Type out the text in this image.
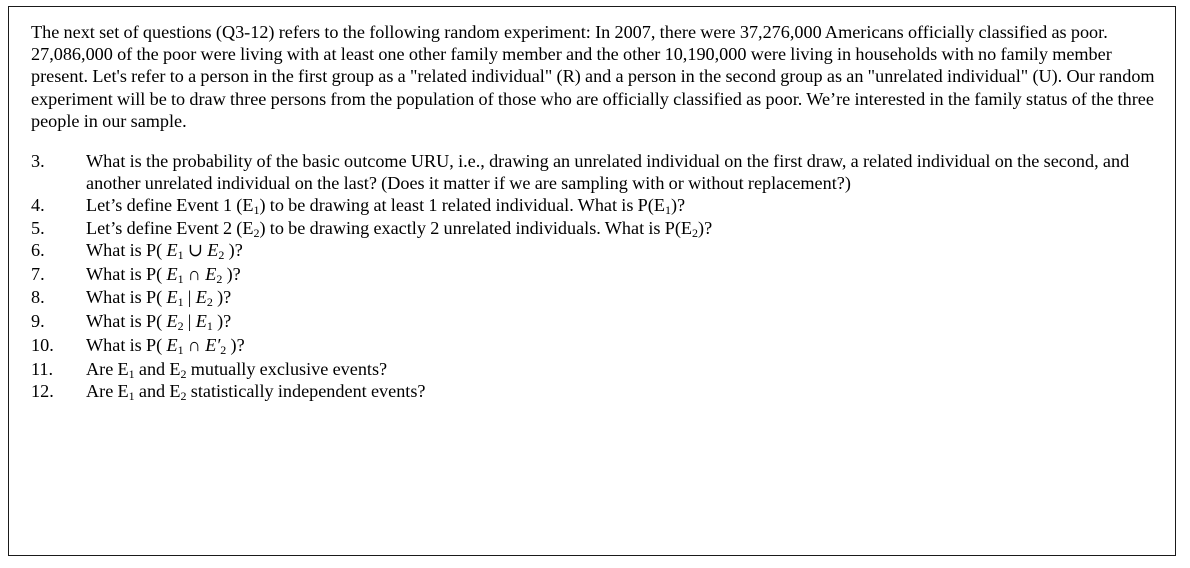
The next set of questions (Q3-12) refers to the following random experiment: In 2007, there were 37,276,000 Americans officially classified as poor. 27,086,000 of the poor were living with at least one other family member and the other 10,190,000 were living in households with no family member present. Let's refer to a person in the first group as a "related individual" (R) and a person in the second group as an "unrelated individual" (U). Our random experiment will be to draw three persons from the population of those who are officially classified as poor. We’re interested in the family status of the three people in our sample.

3.	What is the probability of the basic outcome URU, i.e., drawing an unrelated individual on the first draw, a related individual on the second, and another unrelated individual on the last? (Does it matter if we are sampling with or without replacement?)
4.	Let’s define Event 1 $(E_1)$ to be drawing at least 1 related individual. What is $P(E_1)$?
5.	Let’s define Event 2 $(E_2)$ to be drawing exactly 2 unrelated individuals. What is $P(E_2)$?
6.	What is P( $E_1$ ∪ $E_2$ )?
7.	What is P( $E_1$ ∩ $E_2$ )?
8.	What is P( $E_1$ | $E_2$ )?
9.	What is P( $E_2$ | $E_1$ )?
10.	What is P( $E_1$ ∩ $E'_2$ )?
11.	Are $E_1$ and $E_2$ mutually exclusive events?
12.	Are $E_1$ and $E_2$ statistically independent events?
